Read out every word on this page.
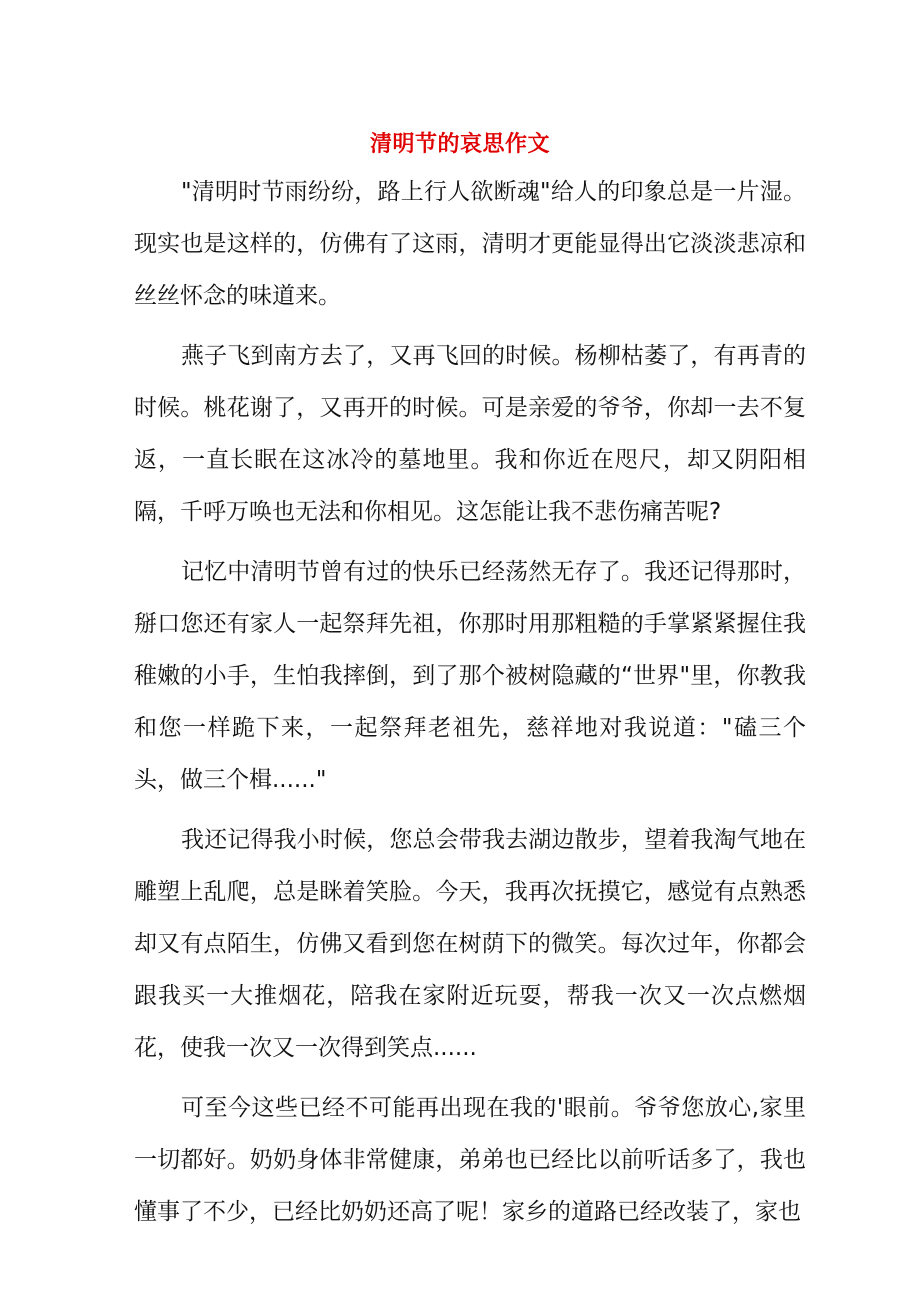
清明节的哀思作文

"清明时节雨纷纷，路上行人欲断魂"给人的印象总是一片湿。现实也是这样的，仿佛有了这雨，清明才更能显得出它淡淡悲凉和丝丝怀念的味道来。

燕子飞到南方去了，又再飞回的时候。杨柳枯萎了，有再青的时候。桃花谢了，又再开的时候。可是亲爱的爷爷，你却一去不复返，一直长眠在这冰冷的墓地里。我和你近在咫尺，却又阴阳相隔，千呼万唤也无法和你相见。这怎能让我不悲伤痛苦呢?

记忆中清明节曾有过的快乐已经荡然无存了。我还记得那时，掰口您还有家人一起祭拜先祖，你那时用那粗糙的手掌紧紧握住我稚嫩的小手，生怕我摔倒，到了那个被树隐藏的“世界"里，你教我和您一样跪下来，一起祭拜老祖先，慈祥地对我说道："磕三个头，做三个楫......"

我还记得我小时候，您总会带我去湖边散步，望着我淘气地在雕塑上乱爬，总是眯着笑脸。今天，我再次抚摸它，感觉有点熟悉却又有点陌生，仿佛又看到您在树荫下的微笑。每次过年，你都会跟我买一大推烟花，陪我在家附近玩耍，帮我一次又一次点燃烟花，使我一次又一次得到笑点......

可至今这些已经不可能再出现在我的'眼前。爷爷您放心,家里一切都好。奶奶身体非常健康，弟弟也已经比以前听话多了，我也懂事了不少，已经比奶奶还高了呢！家乡的道路已经改装了，家也
